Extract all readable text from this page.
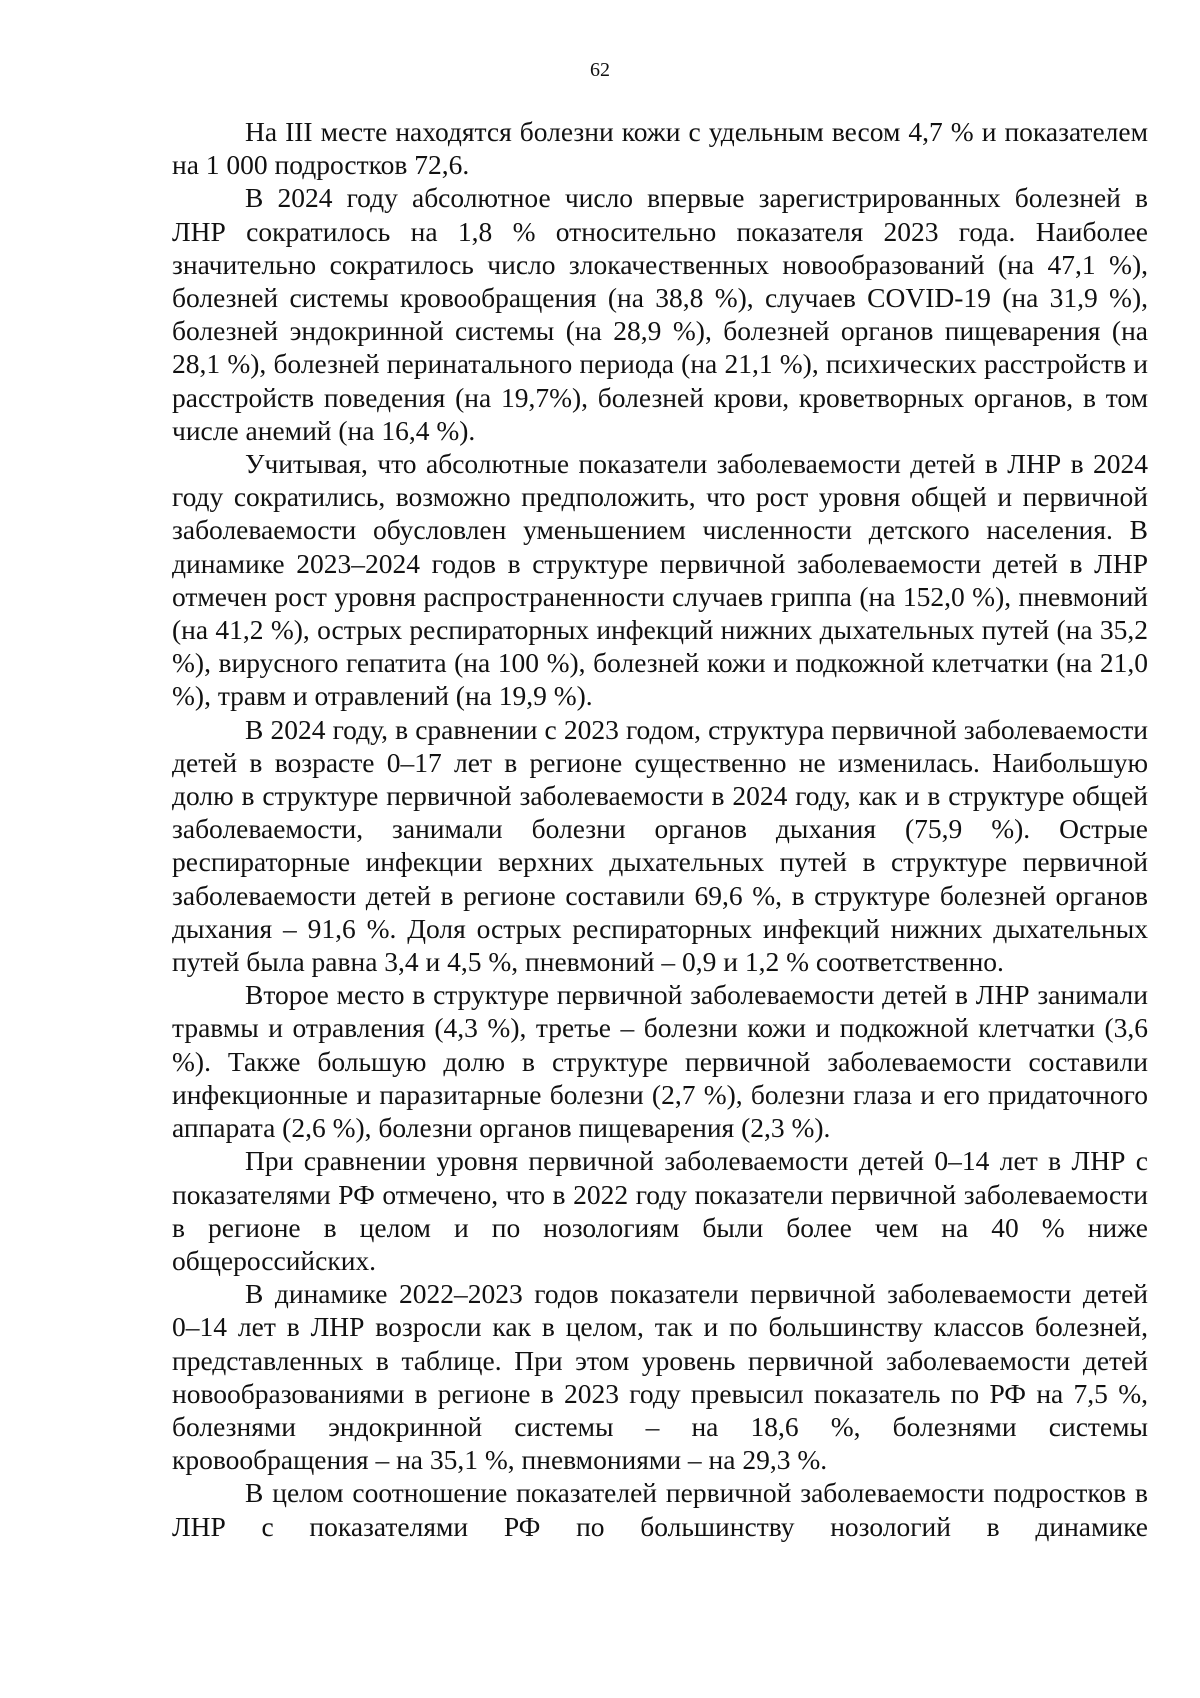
62

На III месте находятся болезни кожи с удельным весом 4,7 % и показателем на 1 000 подростков 72,6.

В 2024 году абсолютное число впервые зарегистрированных болезней в ЛНР сократилось на 1,8 % относительно показателя 2023 года. Наиболее значительно сократилось число злокачественных новообразований (на 47,1 %), болезней системы кровообращения (на 38,8 %), случаев COVID-19 (на 31,9 %), болезней эндокринной системы (на 28,9 %), болезней органов пищеварения (на 28,1 %), болезней перинатального периода (на 21,1 %), психических расстройств и расстройств поведения (на 19,7%), болезней крови, кроветворных органов, в том числе анемий (на 16,4 %).

Учитывая, что абсолютные показатели заболеваемости детей в ЛНР в 2024 году сократились, возможно предположить, что рост уровня общей и первичной заболеваемости обусловлен уменьшением численности детского населения. В динамике 2023–2024 годов в структуре первичной заболеваемости детей в ЛНР отмечен рост уровня распространенности случаев гриппа (на 152,0 %), пневмоний (на 41,2 %), острых респираторных инфекций нижних дыхательных путей (на 35,2 %), вирусного гепатита (на 100 %), болезней кожи и подкожной клетчатки (на 21,0 %), травм и отравлений (на 19,9 %).

В 2024 году, в сравнении с 2023 годом, структура первичной заболеваемости детей в возрасте 0–17 лет в регионе существенно не изменилась. Наибольшую долю в структуре первичной заболеваемости в 2024 году, как и в структуре общей заболеваемости, занимали болезни органов дыхания (75,9 %). Острые респираторные инфекции верхних дыхательных путей в структуре первичной заболеваемости детей в регионе составили 69,6 %, в структуре болезней органов дыхания – 91,6 %. Доля острых респираторных инфекций нижних дыхательных путей была равна 3,4 и 4,5 %, пневмоний – 0,9 и 1,2 % соответственно.

Второе место в структуре первичной заболеваемости детей в ЛНР занимали травмы и отравления (4,3 %), третье – болезни кожи и подкожной клетчатки (3,6 %). Также большую долю в структуре первичной заболеваемости составили инфекционные и паразитарные болезни (2,7 %), болезни глаза и его придаточного аппарата (2,6 %), болезни органов пищеварения (2,3 %).

При сравнении уровня первичной заболеваемости детей 0–14 лет в ЛНР с показателями РФ отмечено, что в 2022 году показатели первичной заболеваемости в регионе в целом и по нозологиям были более чем на 40 % ниже общероссийских.

В динамике 2022–2023 годов показатели первичной заболеваемости детей 0–14 лет в ЛНР возросли как в целом, так и по большинству классов болезней, представленных в таблице. При этом уровень первичной заболеваемости детей новообразованиями в регионе в 2023 году превысил показатель по РФ на 7,5 %, болезнями эндокринной системы – на 18,6 %, болезнями системы кровообращения – на 35,1 %, пневмониями – на 29,3 %.

В целом соотношение показателей первичной заболеваемости подростков в ЛНР с показателями РФ по большинству нозологий в динамике
